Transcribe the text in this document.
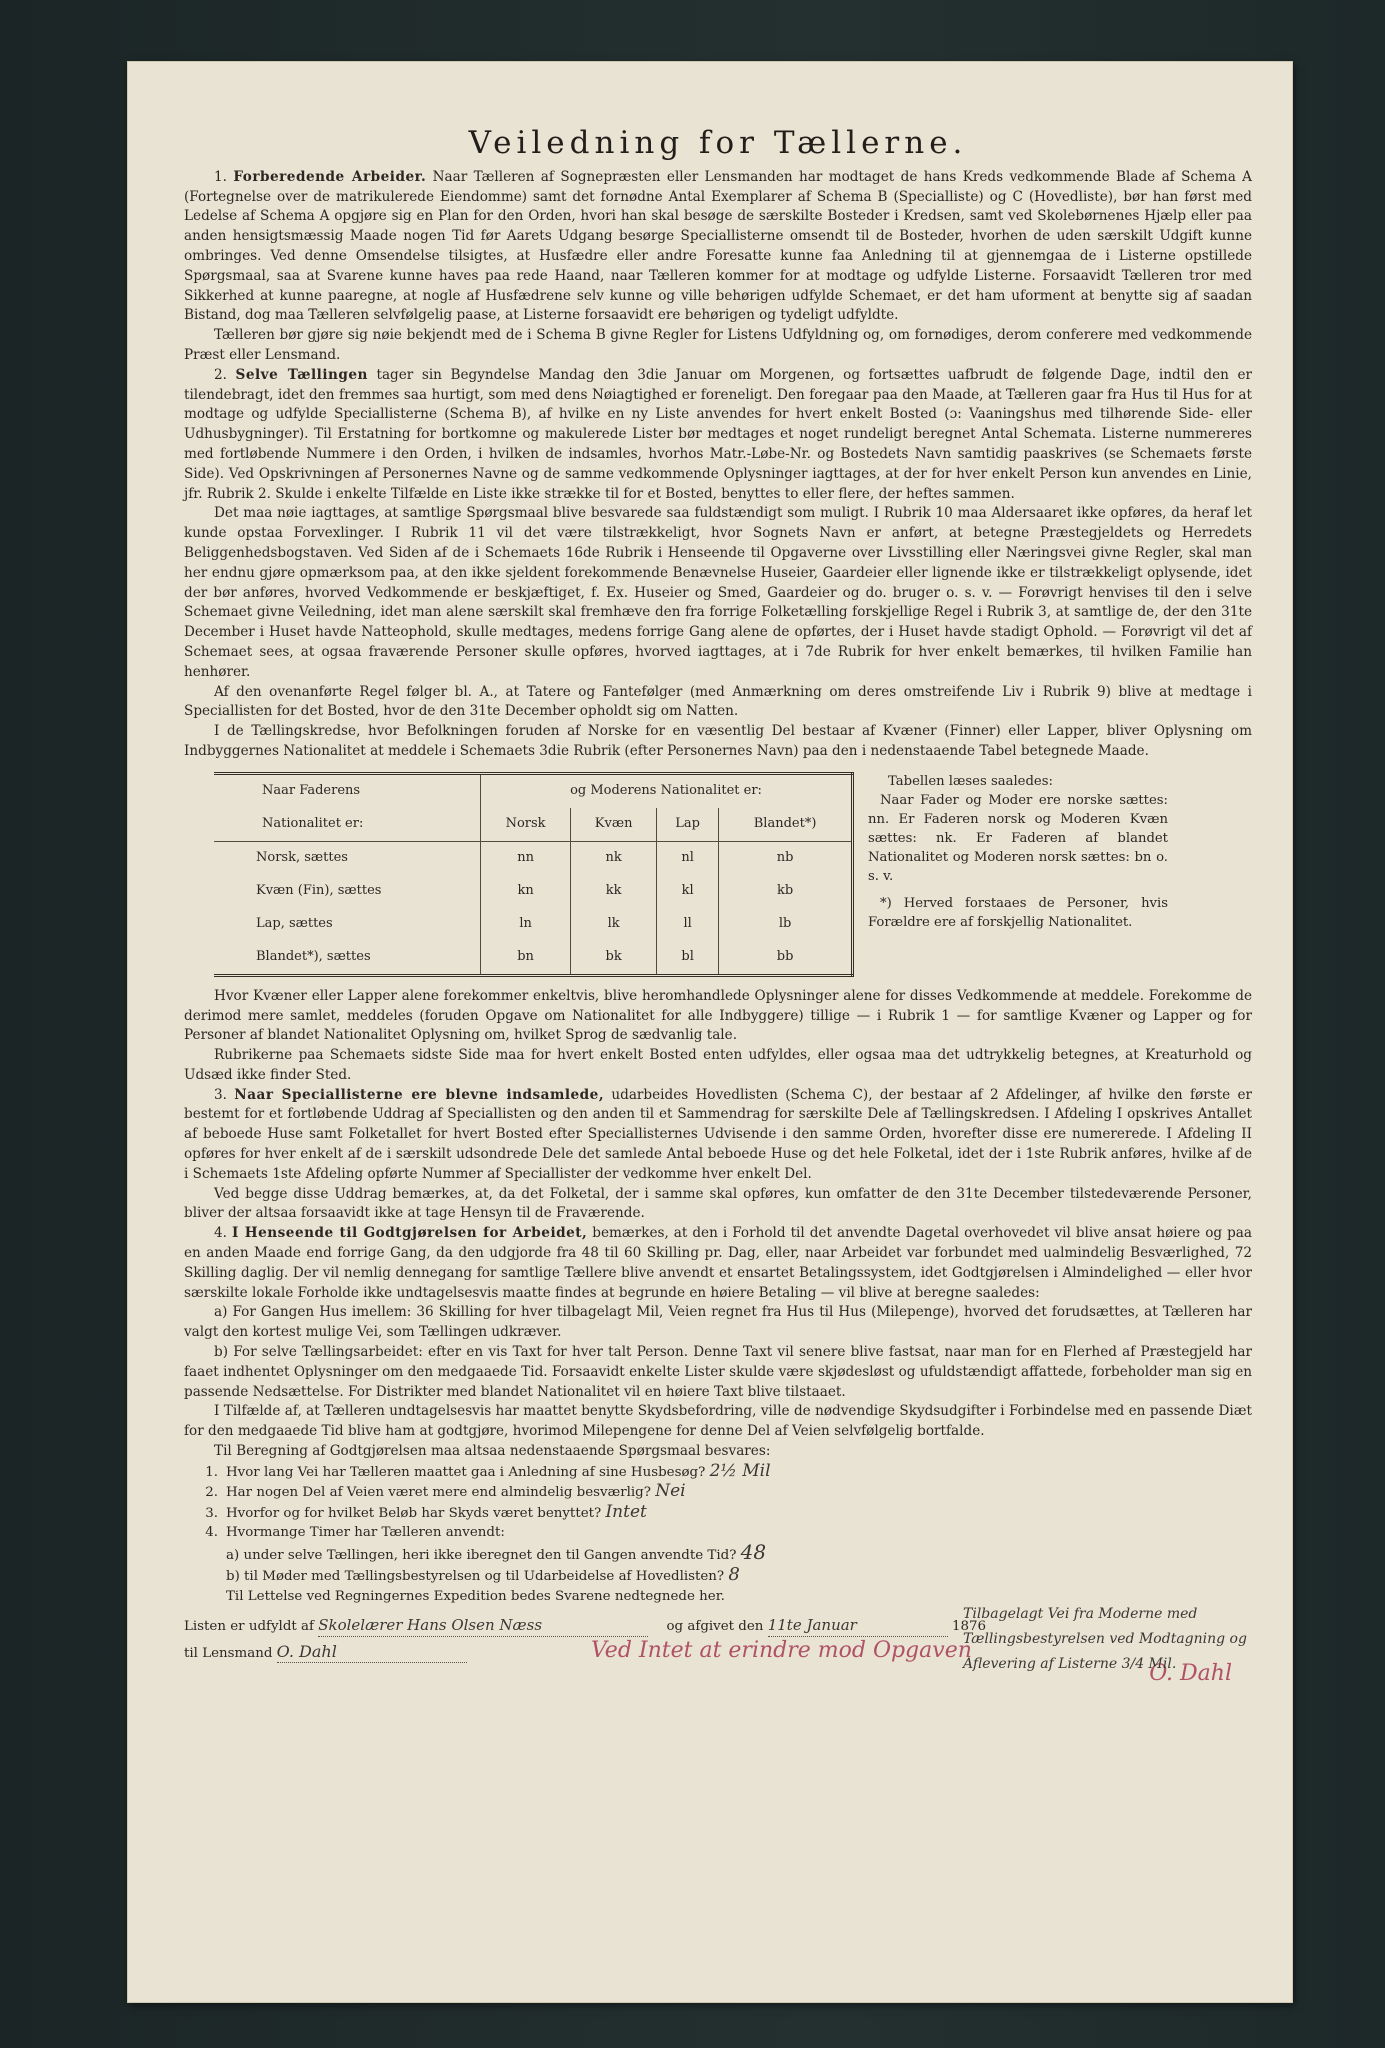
Veiledning for Tællerne.

1. Forberedende Arbeider. Naar Tælleren af Sognepræsten eller Lensmanden har modtaget de hans Kreds vedkommende Blade af Schema A (Fortegnelse over de matrikulerede Eiendomme) samt det fornødne Antal Exemplarer af Schema B (Specialliste) og C (Hovedliste), bør han først med Ledelse af Schema A opgjøre sig en Plan for den Orden, hvori han skal besøge de særskilte Bosteder i Kredsen, samt ved Skolebørnenes Hjælp eller paa anden hensigtsmæssig Maade nogen Tid før Aarets Udgang besørge Speciallisterne omsendt til de Bosteder, hvorhen de uden særskilt Udgift kunne ombringes. Ved denne Omsendelse tilsigtes, at Husfædre eller andre Foresatte kunne faa Anledning til at gjennemgaa de i Listerne opstillede Spørgsmaal, saa at Svarene kunne haves paa rede Haand, naar Tælleren kommer for at modtage og udfylde Listerne. Forsaavidt Tælleren tror med Sikkerhed at kunne paaregne, at nogle af Husfædrene selv kunne og ville behørigen udfylde Schemaet, er det ham uforment at benytte sig af saadan Bistand, dog maa Tælleren selvfølgelig paase, at Listerne forsaavidt ere behørigen og tydeligt udfyldte.

Tælleren bør gjøre sig nøie bekjendt med de i Schema B givne Regler for Listens Udfyldning og, om fornødiges, derom conferere med vedkommende Præst eller Lensmand.

2. Selve Tællingen tager sin Begyndelse Mandag den 3die Januar om Morgenen, og fortsættes uafbrudt de følgende Dage, indtil den er tilendebragt, idet den fremmes saa hurtigt, som med dens Nøiagtighed er foreneligt. Den foregaar paa den Maade, at Tælleren gaar fra Hus til Hus for at modtage og udfylde Speciallisterne (Schema B), af hvilke en ny Liste anvendes for hvert enkelt Bosted (ɔ: Vaaningshus med tilhørende Side- eller Udhusbygninger). Til Erstatning for bortkomne og makulerede Lister bør medtages et noget rundeligt beregnet Antal Schemata. Listerne nummereres med fortløbende Nummere i den Orden, i hvilken de indsamles, hvorhos Matr.-Løbe-Nr. og Bostedets Navn samtidig paaskrives (se Schemaets første Side). Ved Opskrivningen af Personernes Navne og de samme vedkommende Oplysninger iagttages, at der for hver enkelt Person kun anvendes en Linie, jfr. Rubrik 2. Skulde i enkelte Tilfælde en Liste ikke strække til for et Bosted, benyttes to eller flere, der heftes sammen.

Det maa nøie iagttages, at samtlige Spørgsmaal blive besvarede saa fuldstændigt som muligt. I Rubrik 10 maa Aldersaaret ikke opføres, da heraf let kunde opstaa Forvexlinger. I Rubrik 11 vil det være tilstrækkeligt, hvor Sognets Navn er anført, at betegne Præstegjeldets og Herredets Beliggenhedsbogstaven. Ved Siden af de i Schemaets 16de Rubrik i Henseende til Opgaverne over Livsstilling eller Næringsvei givne Regler, skal man her endnu gjøre opmærksom paa, at den ikke sjeldent forekommende Benævnelse Huseier, Gaardeier eller lignende ikke er tilstrækkeligt oplysende, idet der bør anføres, hvorved Vedkommende er beskjæftiget, f. Ex. Huseier og Smed, Gaardeier og do. bruger o. s. v. — Forøvrigt henvises til den i selve Schemaet givne Veiledning, idet man alene særskilt skal fremhæve den fra forrige Folketælling forskjellige Regel i Rubrik 3, at samtlige de, der den 31te December i Huset havde Natteophold, skulle medtages, medens forrige Gang alene de opførtes, der i Huset havde stadigt Ophold. — Forøvrigt vil det af Schemaet sees, at ogsaa fraværende Personer skulle opføres, hvorved iagttages, at i 7de Rubrik for hver enkelt bemærkes, til hvilken Familie han henhører.

Af den ovenanførte Regel følger bl. A., at Tatere og Fantefølger (med Anmærkning om deres omstreifende Liv i Rubrik 9) blive at medtage i Speciallisten for det Bosted, hvor de den 31te December opholdt sig om Natten.

I de Tællingskredse, hvor Befolkningen foruden af Norske for en væsentlig Del bestaar af Kvæner (Finner) eller Lapper, bliver Oplysning om Indbyggernes Nationalitet at meddele i Schemaets 3die Rubrik (efter Personernes Navn) paa den i nedenstaaende Tabel betegnede Maade.

Naar Faderens	og Moderens Nationalitet er:			
Nationalitet er:	Norsk	Kvæn	Lap	Blandet*)
Norsk, sættes	nn	nk	nl	nb
Kvæn (Fin), sættes	kn	kk	kl	kb
Lap, sættes	ln	lk	ll	lb
Blandet*), sættes	bn	bk	bl	bb

Tabellen læses saaledes:

Naar Fader og Moder ere norske sættes: nn. Er Faderen norsk og Moderen Kvæn sættes: nk. Er Faderen af blandet Nationalitet og Moderen norsk sættes: bn o. s. v.

*) Herved forstaaes de Personer, hvis Forældre ere af forskjellig Nationalitet.

Hvor Kvæner eller Lapper alene forekommer enkeltvis, blive heromhandlede Oplysninger alene for disses Vedkommende at meddele. Forekomme de derimod mere samlet, meddeles (foruden Opgave om Nationalitet for alle Indbyggere) tillige — i Rubrik 1 — for samtlige Kvæner og Lapper og for Personer af blandet Nationalitet Oplysning om, hvilket Sprog de sædvanlig tale.

Rubrikerne paa Schemaets sidste Side maa for hvert enkelt Bosted enten udfyldes, eller ogsaa maa det udtrykkelig betegnes, at Kreaturhold og Udsæd ikke finder Sted.

3. Naar Speciallisterne ere blevne indsamlede, udarbeides Hovedlisten (Schema C), der bestaar af 2 Afdelinger, af hvilke den første er bestemt for et fortløbende Uddrag af Speciallisten og den anden til et Sammendrag for særskilte Dele af Tællingskredsen. I Afdeling I opskrives Antallet af beboede Huse samt Folketallet for hvert Bosted efter Speciallisternes Udvisende i den samme Orden, hvorefter disse ere numererede. I Afdeling II opføres for hver enkelt af de i særskilt udsondrede Dele det samlede Antal beboede Huse og det hele Folketal, idet der i 1ste Rubrik anføres, hvilke af de i Schemaets 1ste Afdeling opførte Nummer af Speciallister der vedkomme hver enkelt Del.

Ved begge disse Uddrag bemærkes, at, da det Folketal, der i samme skal opføres, kun omfatter de den 31te December tilstedeværende Personer, bliver der altsaa forsaavidt ikke at tage Hensyn til de Fraværende.

4. I Henseende til Godtgjørelsen for Arbeidet, bemærkes, at den i Forhold til det anvendte Dagetal overhovedet vil blive ansat høiere og paa en anden Maade end forrige Gang, da den udgjorde fra 48 til 60 Skilling pr. Dag, eller, naar Arbeidet var forbundet med ualmindelig Besværlighed, 72 Skilling daglig. Der vil nemlig dennegang for samtlige Tællere blive anvendt et ensartet Betalingssystem, idet Godtgjørelsen i Almindelighed — eller hvor særskilte lokale Forholde ikke undtagelsesvis maatte findes at begrunde en høiere Betaling — vil blive at beregne saaledes:

a) For Gangen Hus imellem: 36 Skilling for hver tilbagelagt Mil, Veien regnet fra Hus til Hus (Milepenge), hvorved det forudsættes, at Tælleren har valgt den kortest mulige Vei, som Tællingen udkræver.

b) For selve Tællingsarbeidet: efter en vis Taxt for hver talt Person. Denne Taxt vil senere blive fastsat, naar man for en Flerhed af Præstegjeld har faaet indhentet Oplysninger om den medgaaede Tid. Forsaavidt enkelte Lister skulde være skjødesløst og ufuldstændigt affattede, forbeholder man sig en passende Nedsættelse. For Distrikter med blandet Nationalitet vil en høiere Taxt blive tilstaaet.

I Tilfælde af, at Tælleren undtagelsesvis har maattet benytte Skydsbefordring, ville de nødvendige Skydsudgifter i Forbindelse med en passende Diæt for den medgaaede Tid blive ham at godtgjøre, hvorimod Milepengene for denne Del af Veien selvfølgelig bortfalde.

Til Beregning af Godtgjørelsen maa altsaa nedenstaaende Spørgsmaal besvares:

1. Hvor lang Vei har Tælleren maattet gaa i Anledning af sine Husbesøg? 2½ Mil
2. Har nogen Del af Veien været mere end almindelig besværlig? Nei
3. Hvorfor og for hvilket Beløb har Skyds været benyttet? Intet
4. Hvormange Timer har Tælleren anvendt:
a) under selve Tællingen, heri ikke iberegnet den til Gangen anvendte Tid? 48
b) til Møder med Tællingsbestyrelsen og til Udarbeidelse af Hovedlisten? 8
Til Lettelse ved Regningernes Expedition bedes Svarene nedtegnede her.
Listen er udfyldt af Skolelærer Hans Olsen Næss	og afgivet den 11te Januar	1876
til Lensmand O. Dahl	Ved Intet at erindre mod Opgaven
O. Dahl
Tilbagelagt Vei fra Moderne med Tællingsbestyrelsen ved Modtagning og Aflevering af Listerne 3/4 Mil.
